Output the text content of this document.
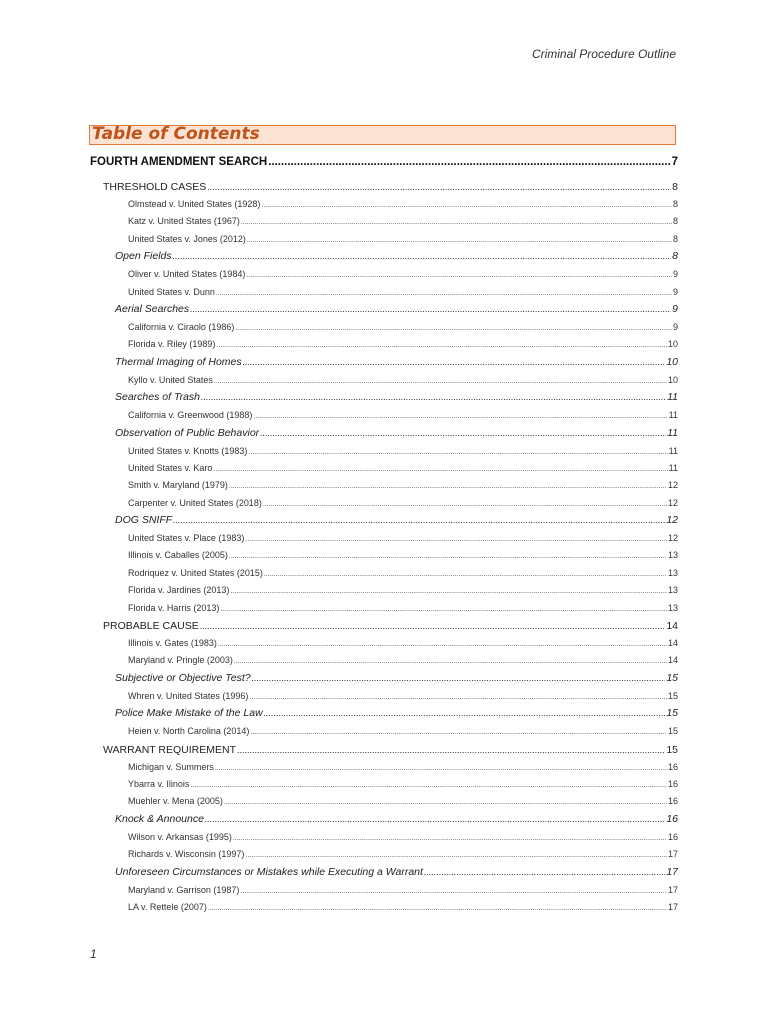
Criminal Procedure Outline
Table of Contents
FOURTH AMENDMENT SEARCH .....	7
THRESHOLD CASES .....	8
Olmstead v. United States (1928) .....	8
Katz v. United States (1967) .....	8
United States v. Jones (2012) .....	8
Open Fields .....	8
Oliver v. United States (1984) .....	9
United States v. Dunn .....	9
Aerial Searches .....	9
California v. Ciraolo (1986) .....	9
Florida v. Riley (1989) .....	10
Thermal Imaging of Homes .....	10
Kyllo v. United States .....	10
Searches of Trash .....	11
California v. Greenwood (1988) .....	11
Observation of Public Behavior .....	11
United States v. Knotts (1983) .....	11
United States v. Karo .....	11
Smith v. Maryland (1979) .....	12
Carpenter v. United States (2018) .....	12
DOG SNIFF .....	12
United States v. Place (1983) .....	12
Illinois v. Caballes (2005) .....	13
Rodriquez v. United States (2015) .....	13
Florida v. Jardines (2013) .....	13
Florida v. Harris (2013) .....	13
PROBABLE CAUSE .....	14
Illinois v. Gates (1983) .....	14
Maryland v. Pringle (2003) .....	14
Subjective or Objective Test? .....	15
Whren v. United States (1996) .....	15
Police Make Mistake of the Law .....	15
Heien v. North Carolina (2014) .....	15
WARRANT REQUIREMENT .....	15
Michigan v. Summers .....	16
Ybarra v. Ilinois .....	16
Muehler v. Mena (2005) .....	16
Knock & Announce .....	16
Wilson v. Arkansas (1995) .....	16
Richards v. Wisconsin (1997) .....	17
Unforeseen Circumstances or Mistakes while Executing a Warrant .....	17
Maryland v. Garrison (1987) .....	17
LA v. Rettele (2007) .....	17
1
